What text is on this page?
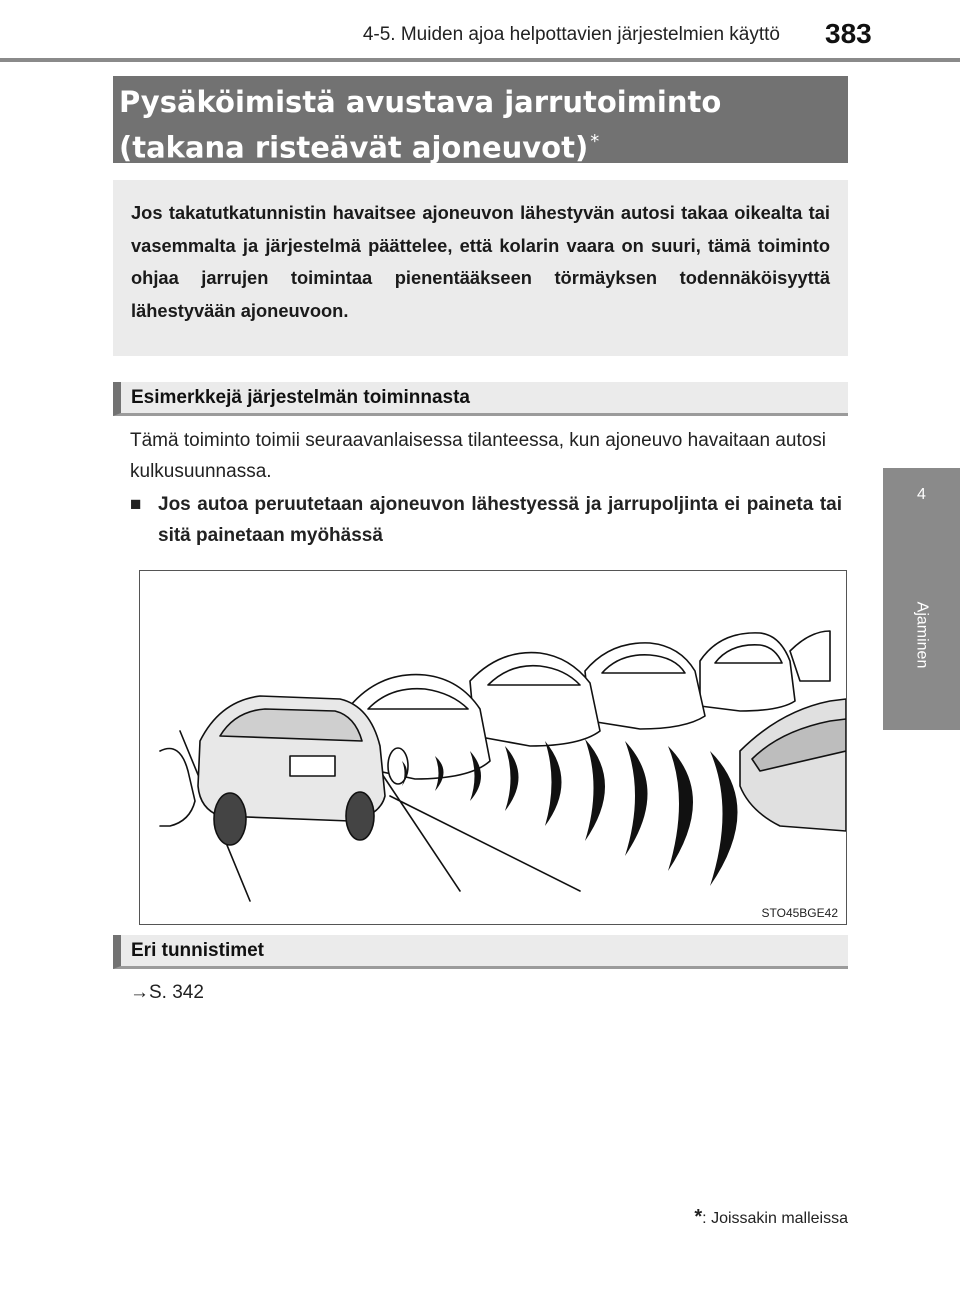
4-5. Muiden ajoa helpottavien järjestelmien käyttö 383
4
Ajaminen
Pysäköimistä avustava jarrutoiminto
(takana risteävät ajoneuvot) *
Jos takatutkatunnistin havaitsee ajoneuvon lähestyvän autosi takaa oikealta tai vasemmalta ja järjestelmä päättelee, että kolarin vaara on suuri, tämä toiminto ohjaa jarrujen toimintaa pienentääkseen törmäyksen todennäköisyyttä lähestyvään ajoneuvoon.
Esimerkkejä järjestelmän toiminnasta
Tämä toiminto toimii seuraavanlaisessa tilanteessa, kun ajoneuvo havaitaan autosi kulkusuunnassa.
■ Jos autoa peruutetaan ajoneuvon lähestyessä ja jarrupoljinta ei paineta tai sitä painetaan myöhässä
STO45BGE42
Eri tunnistimet
→S. 342
*: Joissakin malleissa
